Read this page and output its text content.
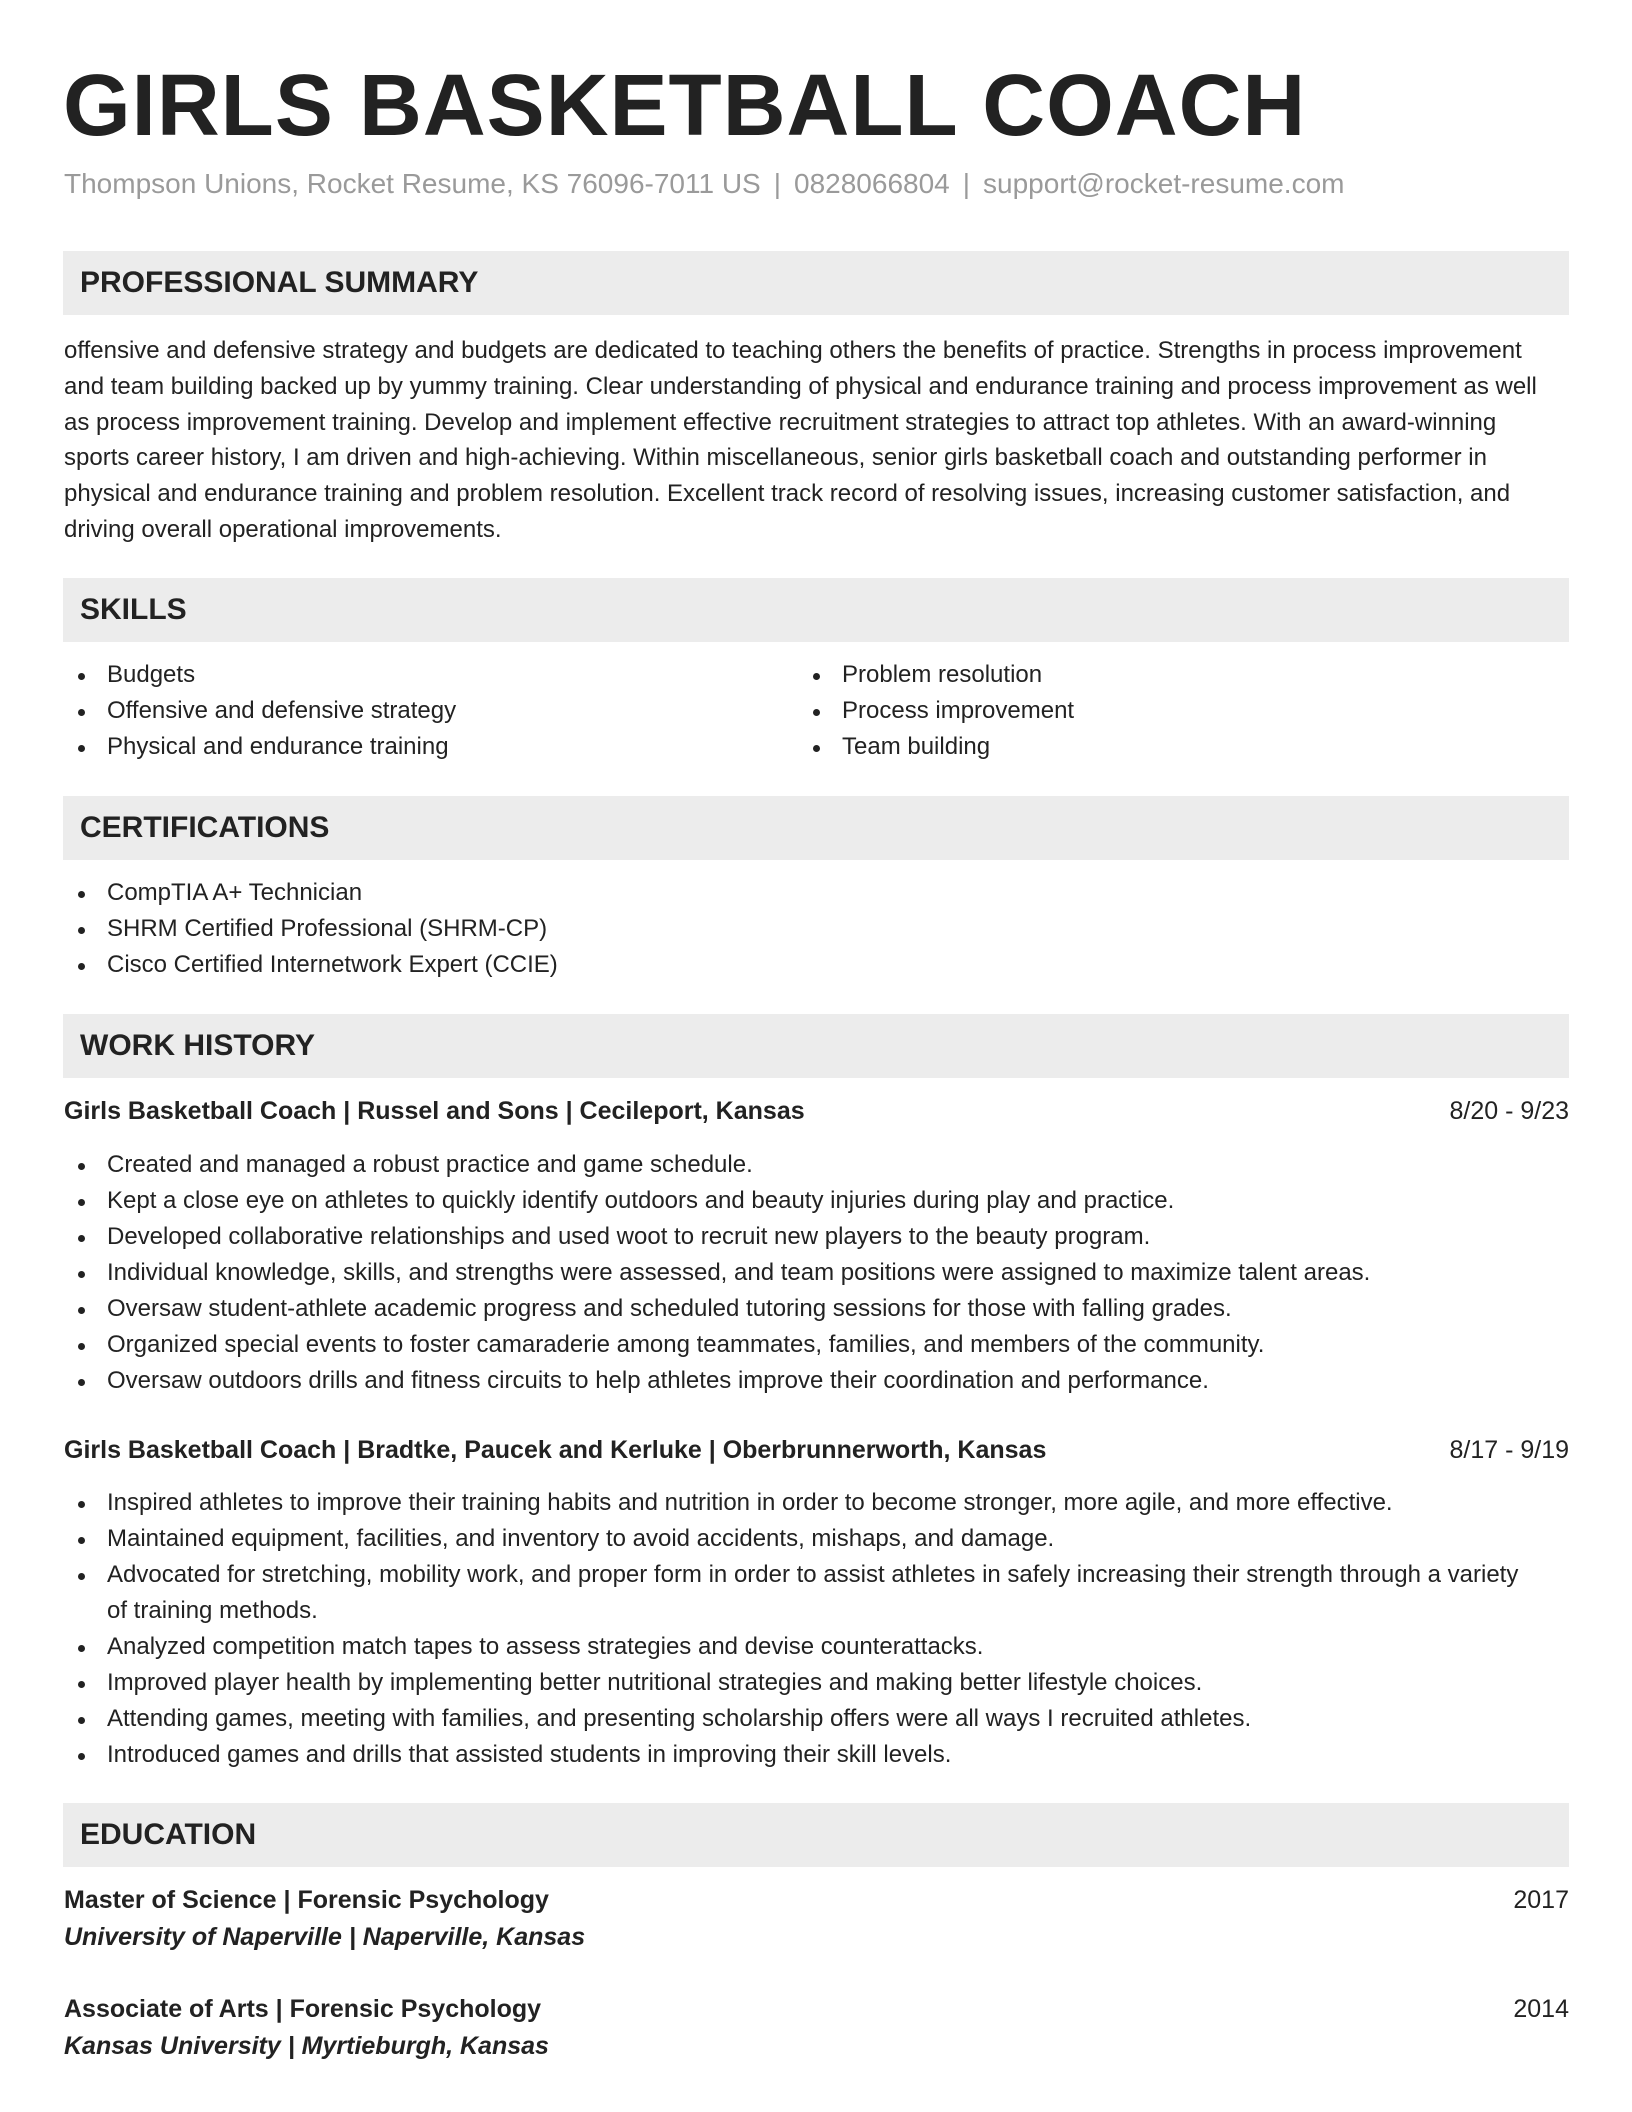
GIRLS BASKETBALL COACH
Thompson Unions, Rocket Resume, KS 76096-7011 US | 0828066804 | support@rocket-resume.com
PROFESSIONAL SUMMARY

offensive and defensive strategy and budgets are dedicated to teaching others the benefits of practice. Strengths in process improvement and team building backed up by yummy training. Clear understanding of physical and endurance training and process improvement as well as process improvement training. Develop and implement effective recruitment strategies to attract top athletes. With an award-winning sports career history, I am driven and high-achieving. Within miscellaneous, senior girls basketball coach and outstanding performer in physical and endurance training and problem resolution. Excellent track record of resolving issues, increasing customer satisfaction, and driving overall operational improvements.

SKILLS
Budgets
Offensive and defensive strategy
Physical and endurance training
Problem resolution
Process improvement
Team building
CERTIFICATIONS
CompTIA A+ Technician
SHRM Certified Professional (SHRM-CP)
Cisco Certified Internetwork Expert (CCIE)
WORK HISTORY
Girls Basketball Coach | Russel and Sons | Cecileport, Kansas	8/20 - 9/23
Created and managed a robust practice and game schedule.
Kept a close eye on athletes to quickly identify outdoors and beauty injuries during play and practice.
Developed collaborative relationships and used woot to recruit new players to the beauty program.
Individual knowledge, skills, and strengths were assessed, and team positions were assigned to maximize talent areas.
Oversaw student-athlete academic progress and scheduled tutoring sessions for those with falling grades.
Organized special events to foster camaraderie among teammates, families, and members of the community.
Oversaw outdoors drills and fitness circuits to help athletes improve their coordination and performance.
Girls Basketball Coach | Bradtke, Paucek and Kerluke | Oberbrunnerworth, Kansas	8/17 - 9/19
Inspired athletes to improve their training habits and nutrition in order to become stronger, more agile, and more effective.
Maintained equipment, facilities, and inventory to avoid accidents, mishaps, and damage.
Advocated for stretching, mobility work, and proper form in order to assist athletes in safely increasing their strength through a variety of training methods.
Analyzed competition match tapes to assess strategies and devise counterattacks.
Improved player health by implementing better nutritional strategies and making better lifestyle choices.
Attending games, meeting with families, and presenting scholarship offers were all ways I recruited athletes.
Introduced games and drills that assisted students in improving their skill levels.
EDUCATION
Master of Science | Forensic Psychology	2017
University of Naperville | Naperville, Kansas
Associate of Arts | Forensic Psychology	2014
Kansas University | Myrtieburgh, Kansas
